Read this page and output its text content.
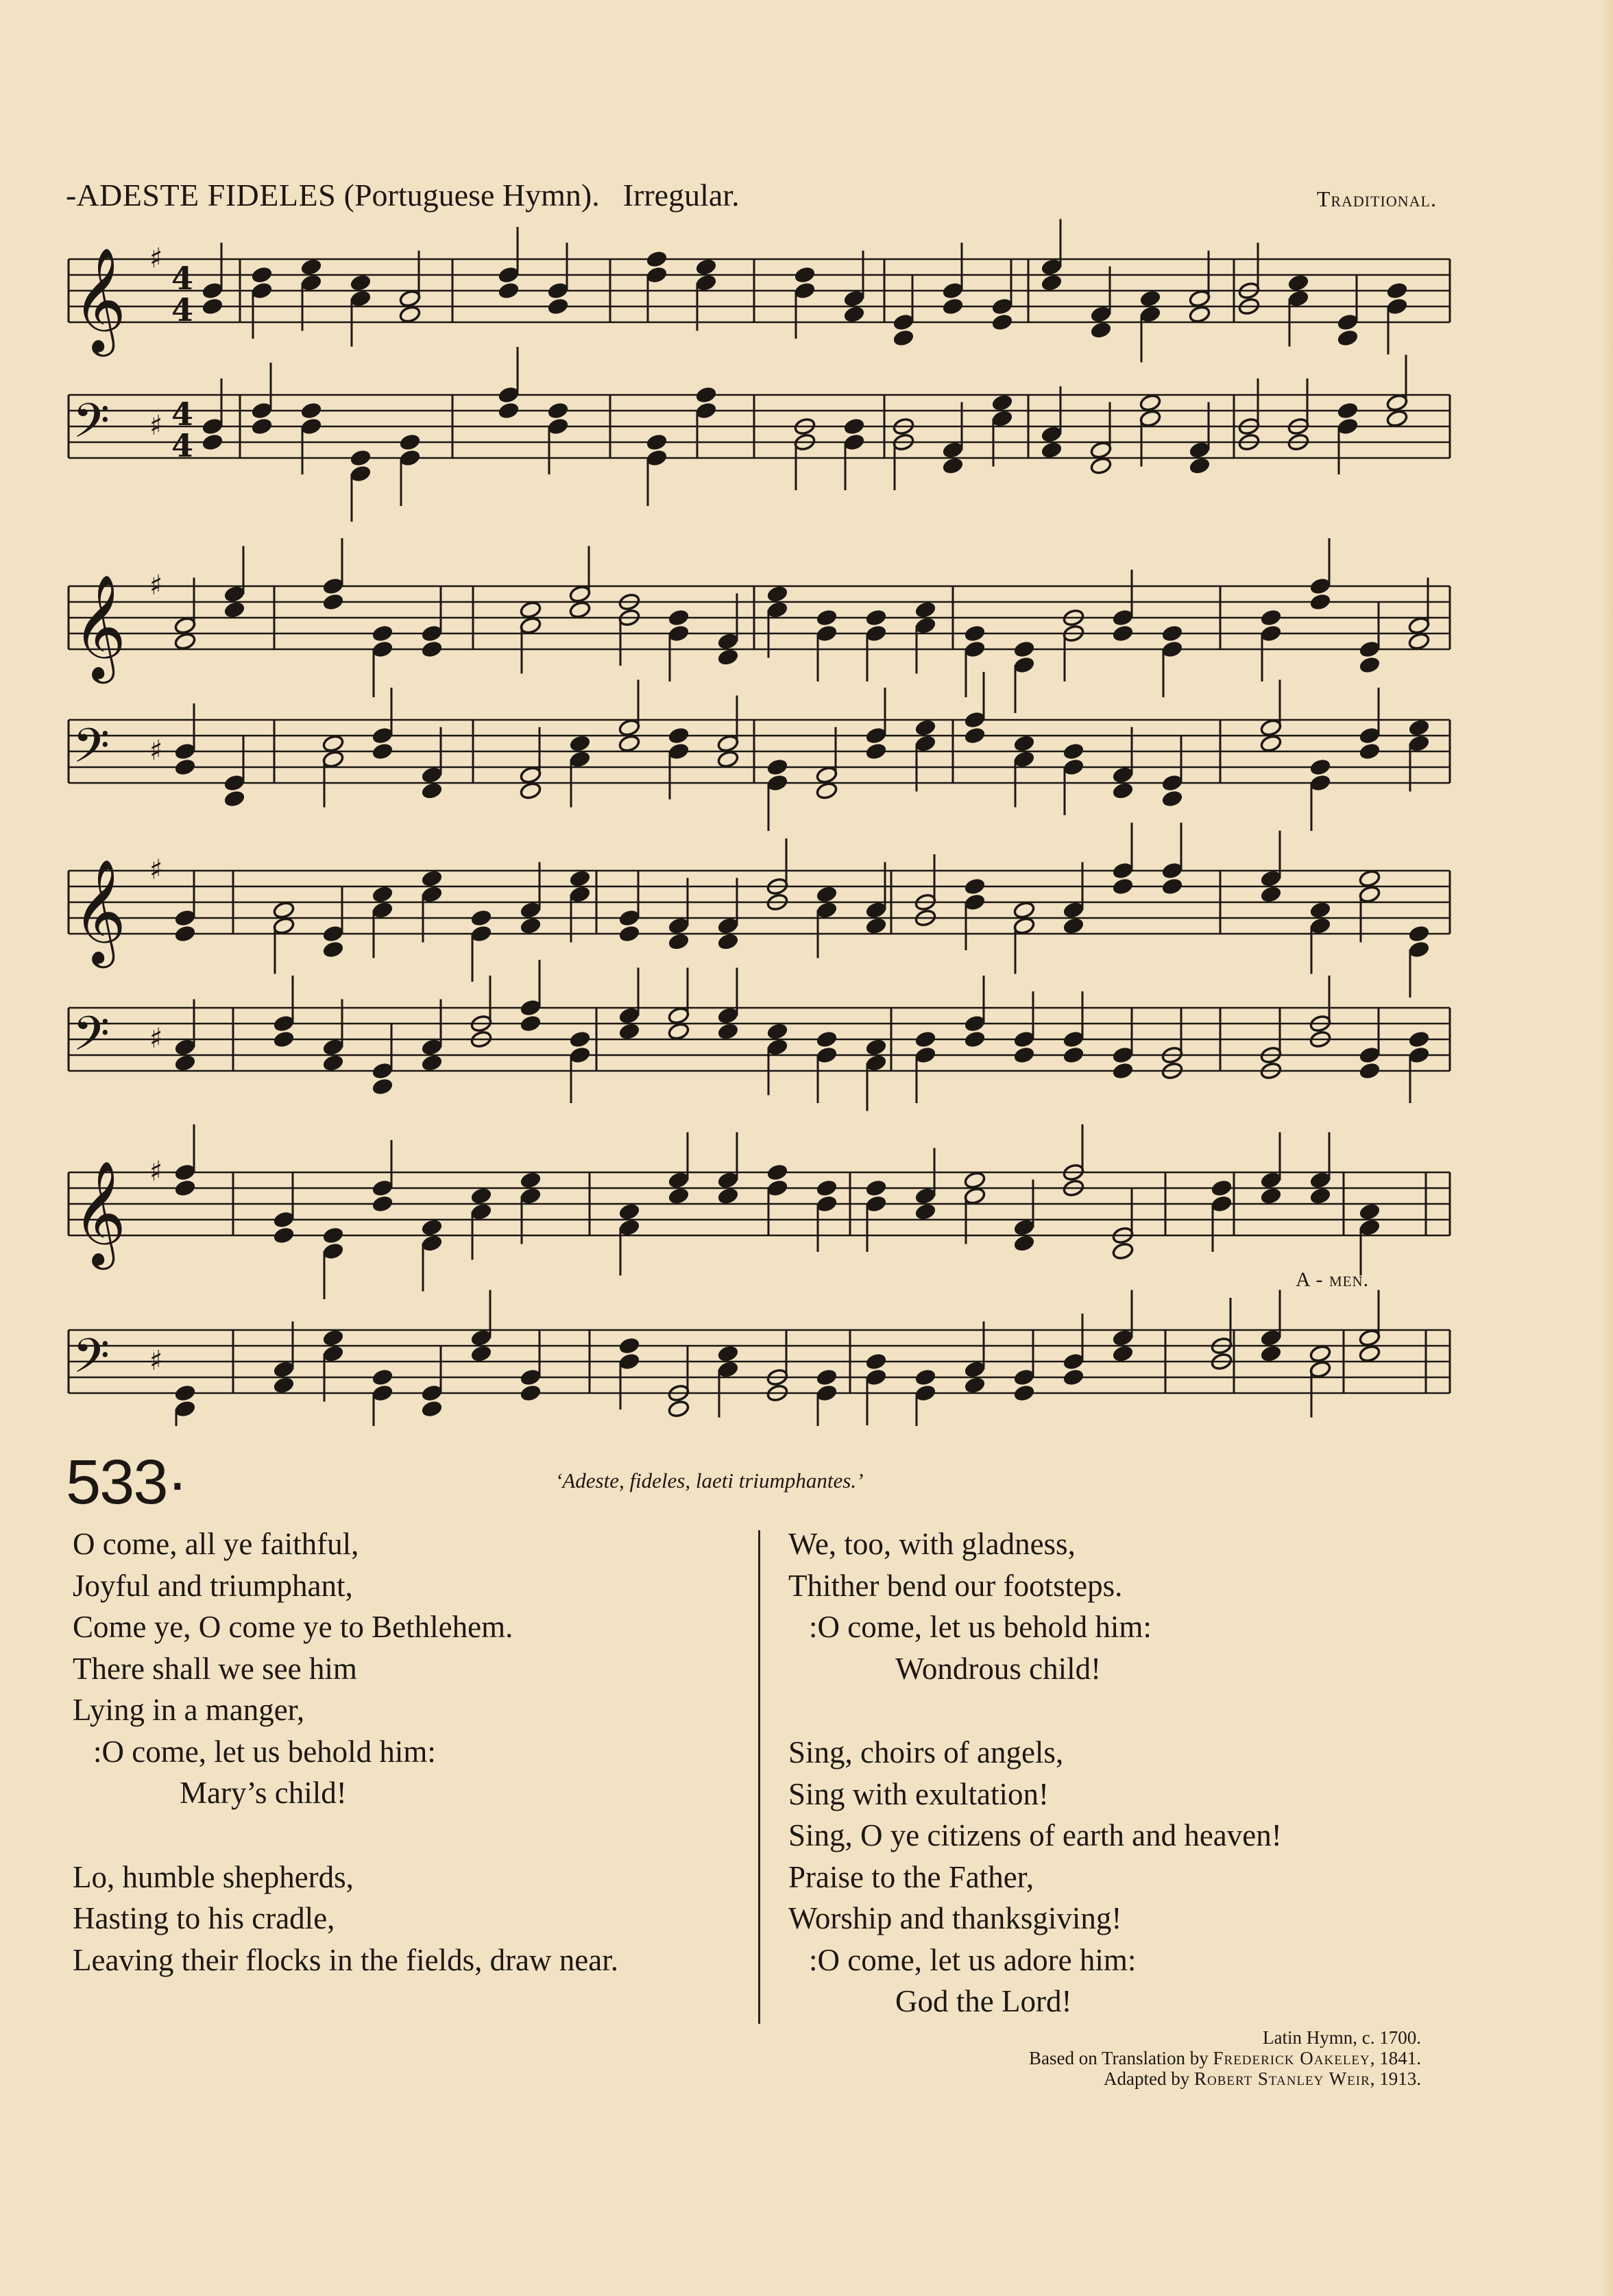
-ADESTE FIDELES (Portuguese Hymn). Irregular.	Traditional.
𝄞 ♯
4
4
𝄢 ♯ 4
4
𝄞 ♯
𝄢 ♯
𝄞 ♯
𝄢 ♯
𝄞 ♯
𝄢 ♯
A - men.
533·	‘Adeste, fideles, laeti triumphantes.’
O come, all ye faithful,
Joyful and triumphant,
Come ye, O come ye to Bethlehem.
There shall we see him
Lying in a manger,
:O come, let us behold him:
Mary’s child!
Lo, humble shepherds,
Hasting to his cradle,
Leaving their flocks in the fields, draw near.
We, too, with gladness,
Thither bend our footsteps.
:O come, let us behold him:
Wondrous child!
Sing, choirs of angels,
Sing with exultation!
Sing, O ye citizens of earth and heaven!
Praise to the Father,
Worship and thanksgiving!
:O come, let us adore him:
God the Lord!
Latin Hymn, c. 1700.
Based on Translation by Frederick Oakeley, 1841.
Adapted by Robert Stanley Weir, 1913.
